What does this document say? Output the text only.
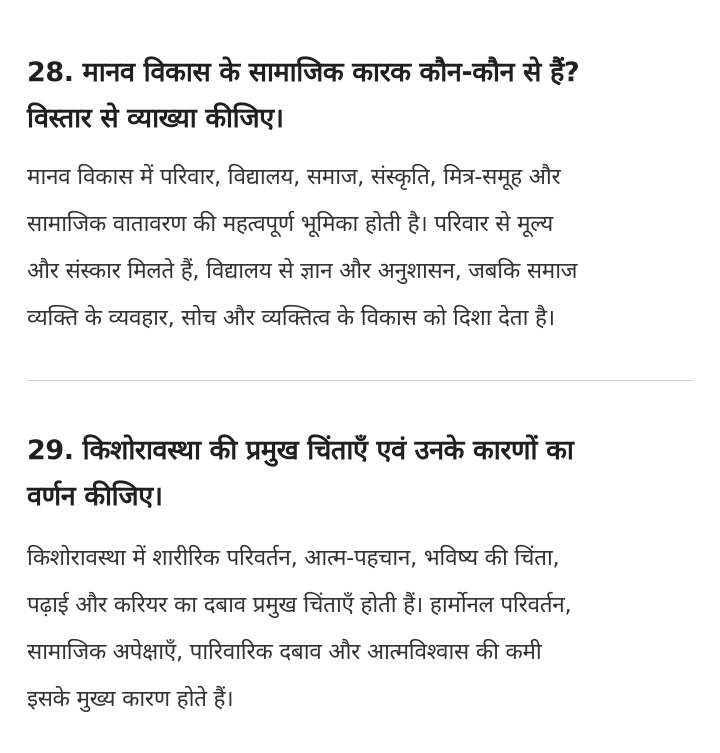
28. मानव विकास के सामाजिक कारक कौन-कौन से हैं?
विस्तार से व्याख्या कीजिए।

मानव विकास में परिवार, विद्यालय, समाज, संस्कृति, मित्र-समूह और
सामाजिक वातावरण की महत्वपूर्ण भूमिका होती है। परिवार से मूल्य
और संस्कार मिलते हैं, विद्यालय से ज्ञान और अनुशासन, जबकि समाज
व्यक्ति के व्यवहार, सोच और व्यक्तित्व के विकास को दिशा देता है।

29. किशोरावस्था की प्रमुख चिंताएँ एवं उनके कारणों का
वर्णन कीजिए।

किशोरावस्था में शारीरिक परिवर्तन, आत्म-पहचान, भविष्य की चिंता,
पढ़ाई और करियर का दबाव प्रमुख चिंताएँ होती हैं। हार्मोनल परिवर्तन,
सामाजिक अपेक्षाएँ, पारिवारिक दबाव और आत्मविश्वास की कमी
इसके मुख्य कारण होते हैं।
